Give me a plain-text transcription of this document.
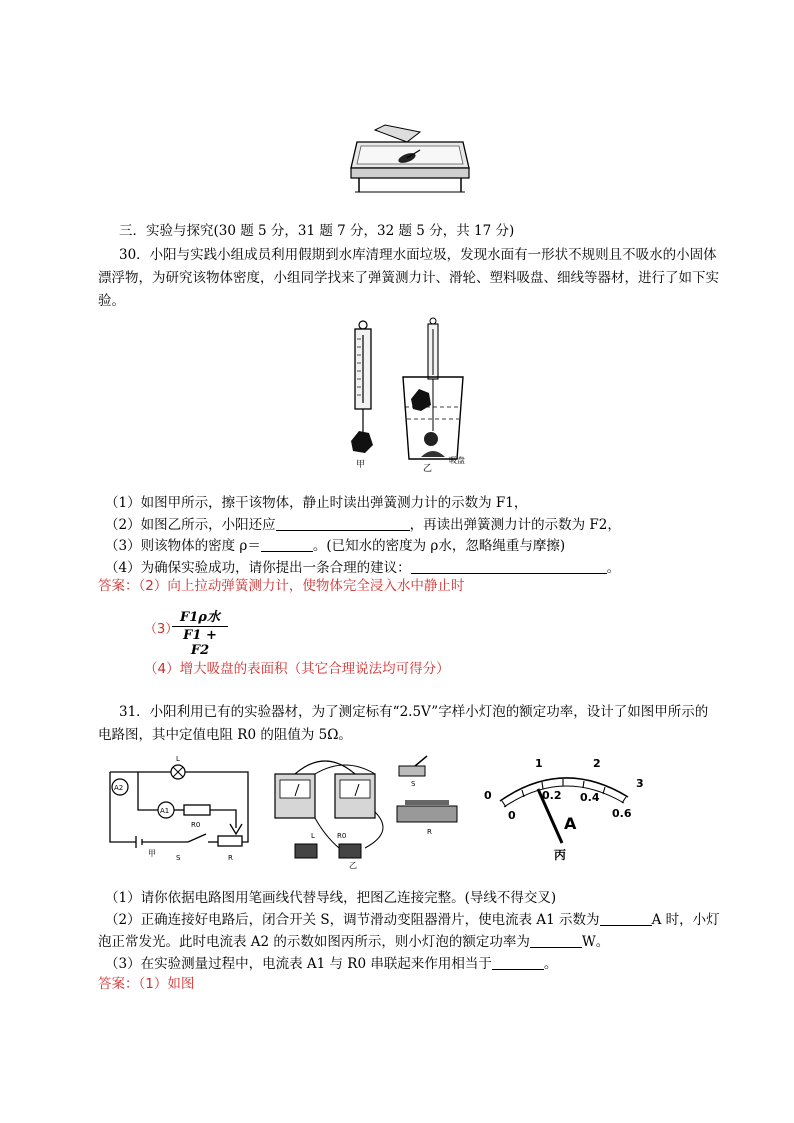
三．实验与探究(30 题 5 分，31 题 7 分，32 题 5 分，共 17 分)
30．小阳与实践小组成员利用假期到水库清理水面垃圾，发现水面有一形状不规则且不吸水的小固体
漂浮物，为研究该物体密度，小组同学找来了弹簧测力计、滑轮、塑料吸盘、细线等器材，进行了如下实
验。
甲	乙
吸盘
（1）如图甲所示，擦干该物体，静止时读出弹簧测力计的示数为 F1，
（2）如图乙所示，小阳还应	，再读出弹簧测力计的示数为 F2，
（3）则该物体的密度 ρ＝	。(已知水的密度为 ρ水，忽略绳重与摩擦)
（4）为确保实验成功，请你提出一条合理的建议：	。
答案：（2）向上拉动弹簧测力计，使物体完全浸入水中静止时
（3）
F1ρ水
F1 + F2
（4）增大吸盘的表面积（其它合理说法均可得分）
31．小阳利用已有的实验器材，为了测定标有“2.5V”字样小灯泡的额定功率，设计了如图甲所示的
电路图，其中定值电阻 R0 的阻值为 5Ω。
L
A2
A1
R0
S	R
甲
S
R
L	R0
乙
0
1	2
3
0
0.2 0.4
0.6
A
丙
（1）请你依据电路图用笔画线代替导线，把图乙连接完整。(导线不得交叉)
（2）正确连接好电路后，闭合开关 S，调节滑动变阻器滑片，使电流表 A1 示数为	A 时，小灯
泡正常发光。此时电流表 A2 的示数如图丙所示，则小灯泡的额定功率为	W。
（3）在实验测量过程中，电流表 A1 与 R0 串联起来作用相当于	。
答案：（1）如图
